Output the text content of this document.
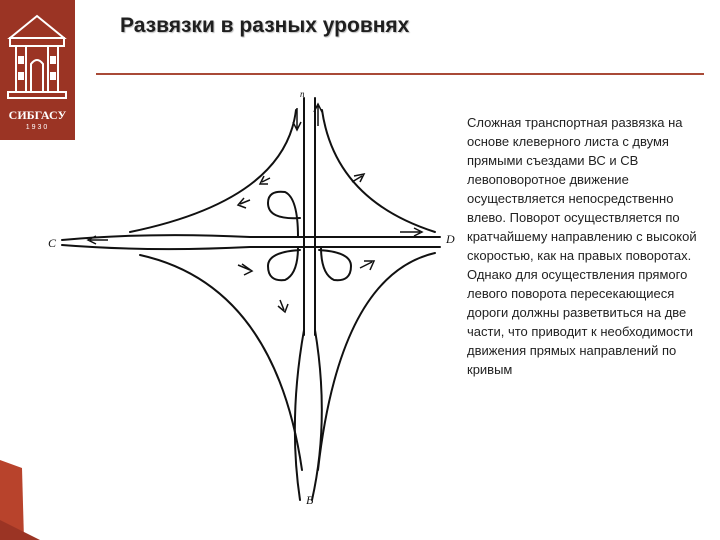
СИБГАСУ
1930
Развязки в разных уровнях
С	D
В
п
Сложная транспортная развязка на основе клеверного листа с двумя прямыми съездами ВС и СВ левоповоротное движение осуществляется непосредственно влево. Поворот осуществляется по кратчайшему направлению с высокой скоростью, как на правых поворотах. Однако для осуществления прямого левого поворота пересекающиеся дороги должны разветвиться на две части, что приводит к необходимости движения прямых направлений по кривым
